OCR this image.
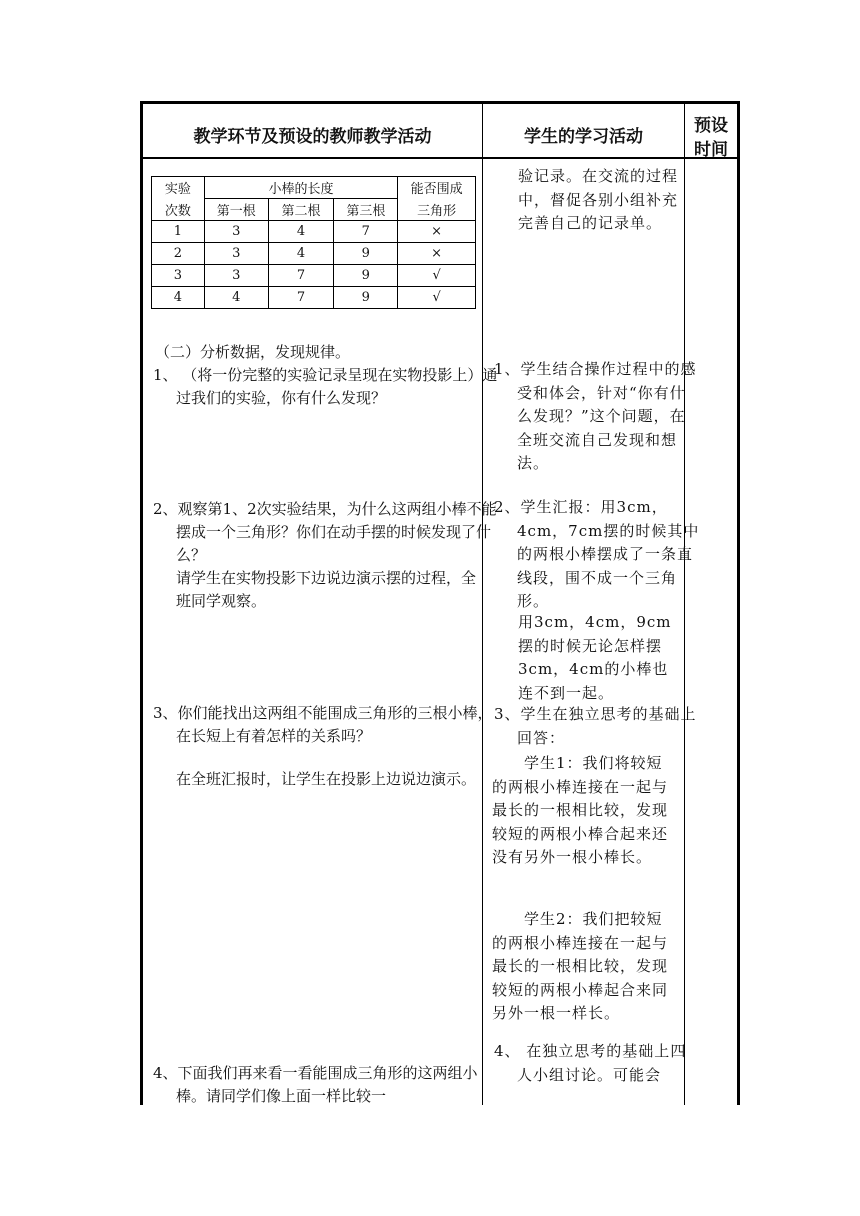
教学环节及预设的教师教学活动	学生的学习活动
预设
时间
实验	小棒的长度			能否围成
次数	第一根	第二根	第三根	三角形
1	3	4	7	×
2	3	4	9	×
3	3	7	9	√
4	4	7	9	√

（二）分析数据，发现规律。

1、 （将一份完整的实验记录呈现在实物投影上）通过我们的实验，你有什么发现？

2、观察第1、2次实验结果，为什么这两组小棒不能摆成一个三角形？你们在动手摆的时候发现了什么？

请学生在实物投影下边说边演示摆的过程，全班同学观察。

3、你们能找出这两组不能围成三角形的三根小棒，在长短上有着怎样的关系吗？

在全班汇报时，让学生在投影上边说边演示。

4、下面我们再来看一看能围成三角形的这两组小棒。请同学们像上面一样比较一

验记录。在交流的过程中，督促各别小组补充完善自己的记录单。

1、学生结合操作过程中的感受和体会，针对“你有什么发现？”这个问题，在全班交流自己发现和想法。

2、学生汇报：用3cm，4cm，7cm摆的时候其中的两根小棒摆成了一条直线段，围不成一个三角形。

用3cm，4cm，9cm摆的时候无论怎样摆3cm，4cm的小棒也连不到一起。

3、学生在独立思考的基础上回答：

学生1：我们将较短的两根小棒连接在一起与最长的一根相比较，发现较短的两根小棒合起来还没有另外一根小棒长。

学生2：我们把较短的两根小棒连接在一起与最长的一根相比较，发现较短的两根小棒起合来同另外一根一样长。

4、 在独立思考的基础上四人小组讨论。可能会
